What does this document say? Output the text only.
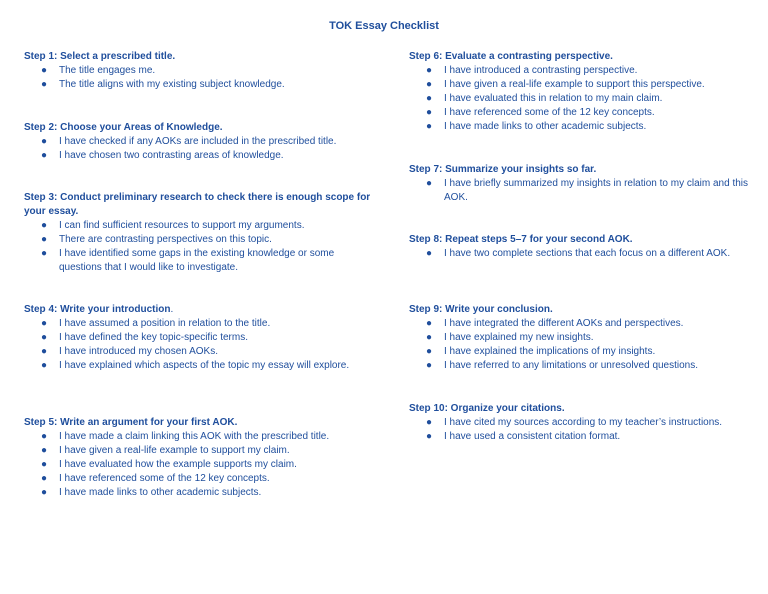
TOK Essay Checklist

Step 1: Select a prescribed title.

● The title engages me.
● The title aligns with my existing subject knowledge.

Step 2: Choose your Areas of Knowledge.

● I have checked if any AOKs are included in the prescribed title.
● I have chosen two contrasting areas of knowledge.

Step 3: Conduct preliminary research to check there is enough scope for your essay.

● I can find sufficient resources to support my arguments.
● There are contrasting perspectives on this topic.
● I have identified some gaps in the existing knowledge or some questions that I would like to investigate.

Step 4: Write your introduction.

● I have assumed a position in relation to the title.
● I have defined the key topic-specific terms.
● I have introduced my chosen AOKs.
● I have explained which aspects of the topic my essay will explore.

Step 5: Write an argument for your first AOK.

● I have made a claim linking this AOK with the prescribed title.
● I have given a real-life example to support my claim.
● I have evaluated how the example supports my claim.
● I have referenced some of the 12 key concepts.
● I have made links to other academic subjects.

Step 6: Evaluate a contrasting perspective.

● I have introduced a contrasting perspective.
● I have given a real-life example to support this perspective.
● I have evaluated this in relation to my main claim.
● I have referenced some of the 12 key concepts.
● I have made links to other academic subjects.

Step 7: Summarize your insights so far.

● I have briefly summarized my insights in relation to my claim and this AOK.

Step 8: Repeat steps 5–7 for your second AOK.

● I have two complete sections that each focus on a different AOK.

Step 9: Write your conclusion.

● I have integrated the different AOKs and perspectives.
● I have explained my new insights.
● I have explained the implications of my insights.
● I have referred to any limitations or unresolved questions.

Step 10: Organize your citations.

● I have cited my sources according to my teacher’s instructions.
● I have used a consistent citation format.
